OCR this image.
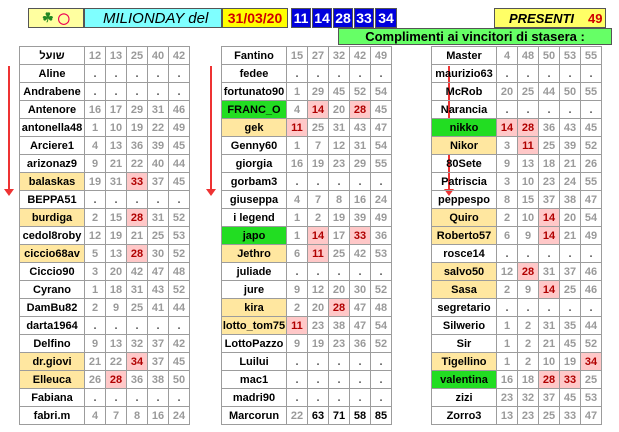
☘ ◯	MILIONDAY del	31/03/20 11 14 28 33 34	PRESENTI 49
Complimenti ai vincitori di stasera :
שועל	12	13	25	40	42
Aline	.	.	.	.	.
Andrabene	.	.	.	.	.
Antenore	16	17	29	31	46
antonella48	1	10	19	22	49
Arciere1	4	13	36	39	45
arizonaz9	9	21	22	40	44
balaskas	19	31	33	37	45
BEPPA51	.	.	.	.	.
burdiga	2	15	28	31	52
cedol8roby	12	19	21	25	53
ciccio68av	5	13	28	30	52
Ciccio90	3	20	42	47	48
Cyrano	1	18	31	43	52
DamBu82	2	9	25	41	44
darta1964	.	.	.	.	.
Delfino	9	13	32	37	42
dr.giovi	21	22	34	37	45
Elleuca	26	28	36	38	50
Fabiana	.	.	.	.	.
fabri.m	4	7	8	16	24
Fantino	15	27	32	42	49
fedee	.	.	.	.	.
fortunato90	1	29	45	52	54
FRANC_O	4	14	20	28	45
gek	11	25	31	43	47
Genny60	1	7	12	31	54
giorgia	16	19	23	29	55
gorbam3	.	.	.	.	.
giuseppa	4	7	8	16	24
i legend	1	2	19	39	49
japo	1	14	17	33	36
Jethro	6	11	25	42	53
juliade	.	.	.	.	.
jure	9	12	20	30	52
kira	2	20	28	47	48
lotto_tom75	11	23	38	47	54
LottoPazzo	9	19	23	36	52
Luilui	.	.	.	.	.
mac1	.	.	.	.	.
madri90	.	.	.	.	.
Marcorun	22	63	71	58	85
Master	4	48	50	53	55
maurizio63	.	.	.	.	.
McRob	20	25	44	50	55
Narancia	.	.	.	.	.
nikko	14	28	36	43	45
Nikor	3	11	25	39	52
80Sete	9	13	18	21	26
Patriscia	3	10	23	24	55
peppespo	8	15	37	38	47
Quiro	2	10	14	20	54
Roberto57	6	9	14	21	49
rosce14	.	.	.	.	.
salvo50	12	28	31	37	46
Sasa	2	9	14	25	46
segretario	.	.	.	.	.
Silwerio	1	2	31	35	44
Sir	1	2	21	45	52
Tigellino	1	2	10	19	34
valentina	16	18	28	33	25
zizi	23	32	37	45	53
Zorro3	13	23	25	33	47
